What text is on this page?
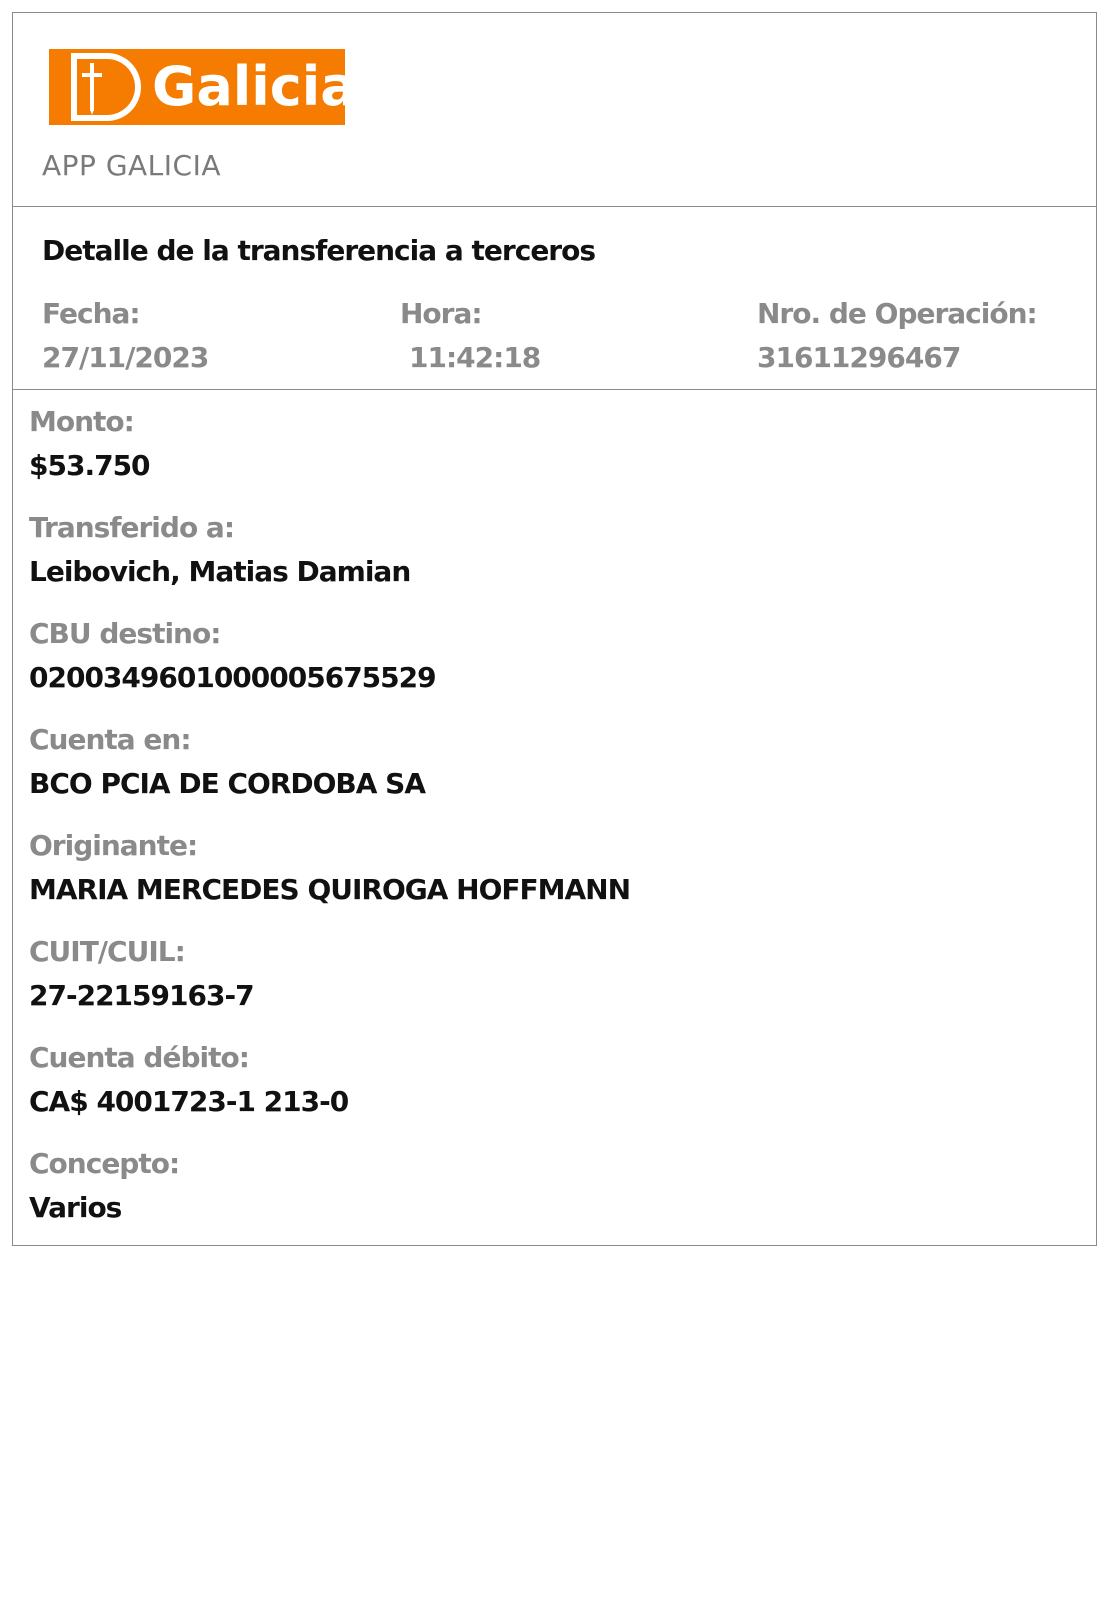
Galicia
APP GALICIA
Detalle de la transferencia a terceros
Fecha:
27/11/2023
Hora:
11:42:18
Nro. de Operación:
31611296467
Monto:
$53.750
Transferido a:
Leibovich, Matias Damian
CBU destino:
0200349601000005675529
Cuenta en:
BCO PCIA DE CORDOBA SA
Originante:
MARIA MERCEDES QUIROGA HOFFMANN
CUIT/CUIL:
27-22159163-7
Cuenta débito:
CA$ 4001723-1 213-0
Concepto:
Varios
